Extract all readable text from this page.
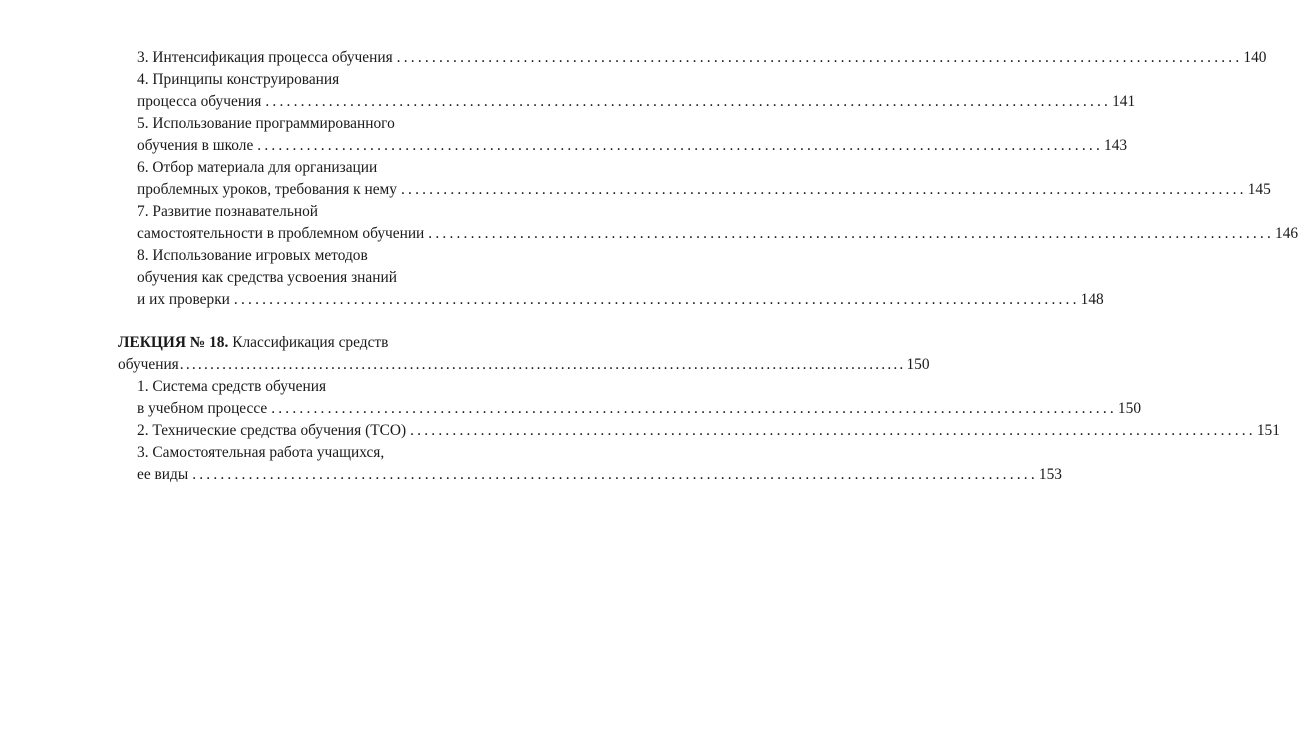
3. Интенсификация процесса обучения ........................................................................................................................ 140
4. Принципы конструирования
процесса обучения ........................................................................................................................ 141
5. Использование программированного
обучения в школе ........................................................................................................................ 143
6. Отбор материала для организации
проблемных уроков, требования к нему ........................................................................................................................ 145
7. Развитие познавательной
самостоятельности в проблемном обучении ........................................................................................................................ 146
8. Использование игровых методов
обучения как средства усвоения знаний
и их проверки ........................................................................................................................ 148
ЛЕКЦИЯ № 18. Классификация средств
обучения ........................................................................................................................ 150
1. Система средств обучения
в учебном процессе ........................................................................................................................ 150
2. Технические средства обучения (ТСО) ........................................................................................................................ 151
3. Самостоятельная работа учащихся,
ее виды ........................................................................................................................ 153
